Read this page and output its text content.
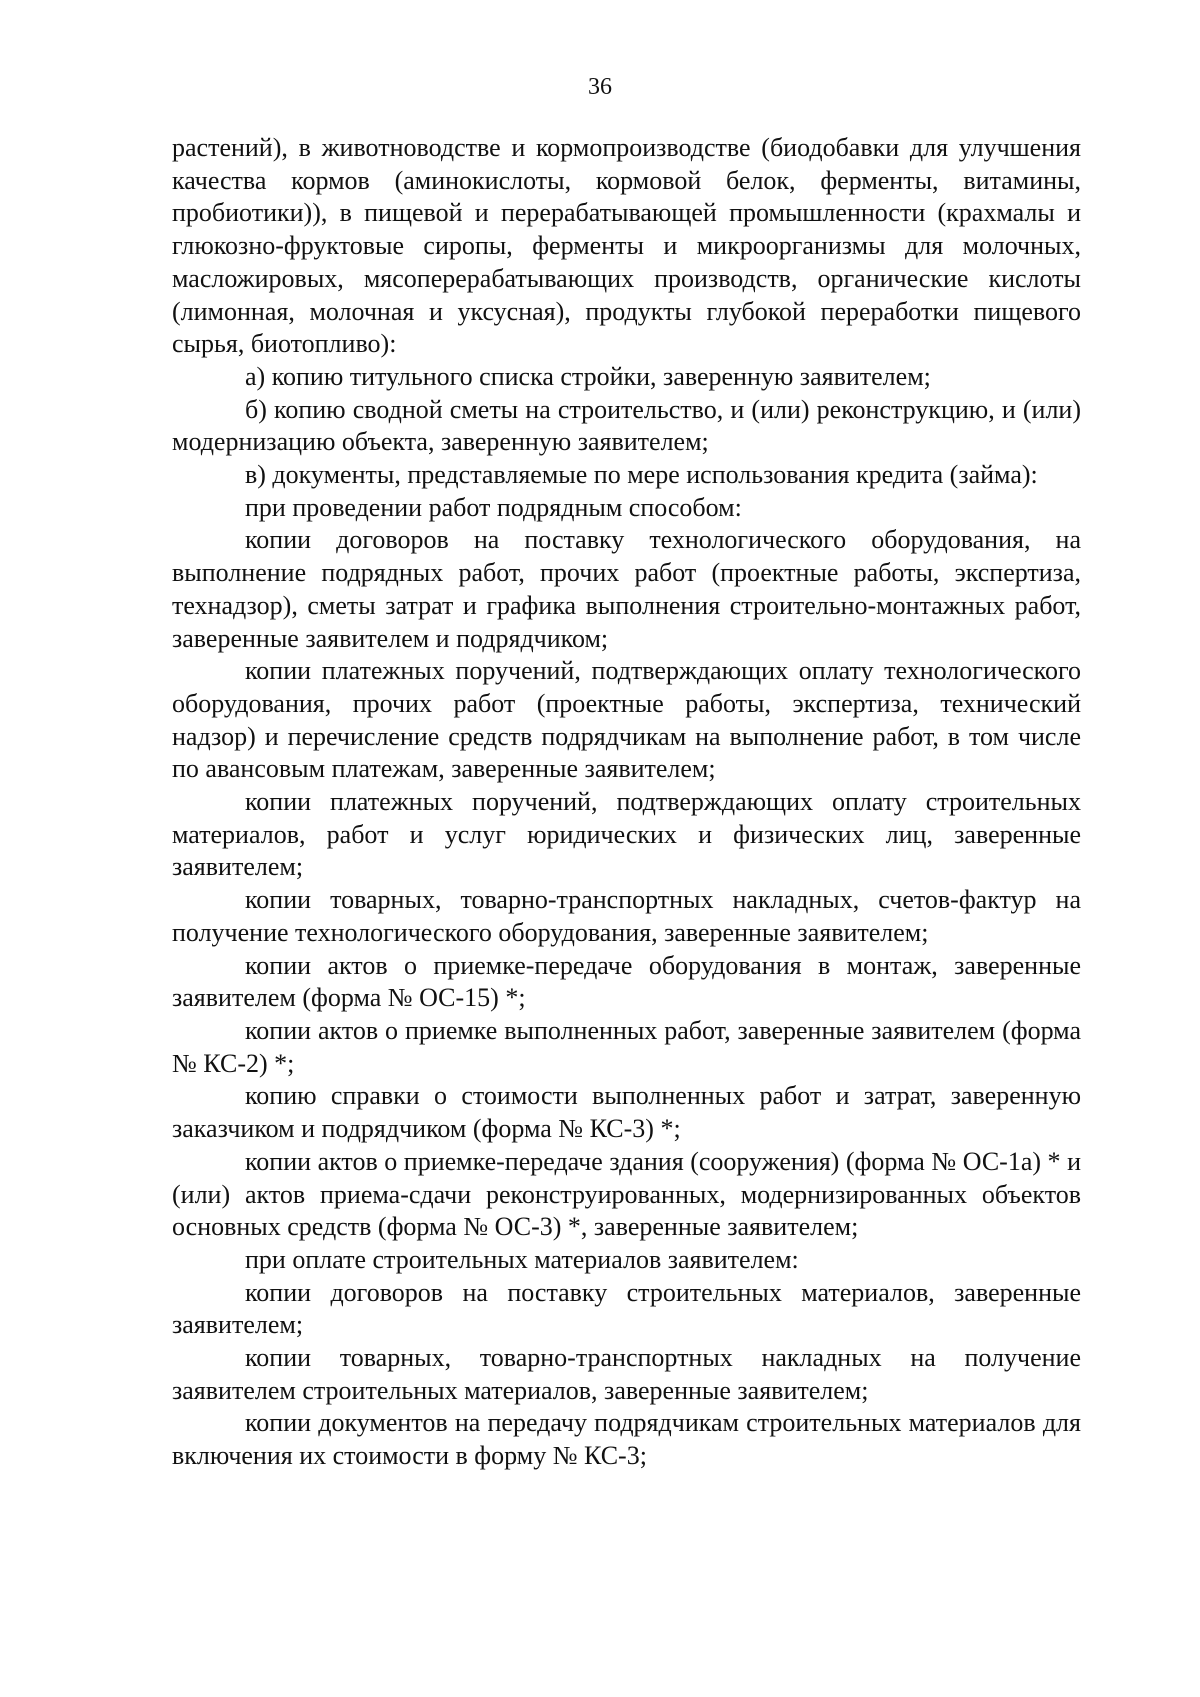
36

растений), в животноводстве и кормопроизводстве (биодобавки для улучшения качества кормов (аминокислоты, кормовой белок, ферменты, витамины, пробиотики)), в пищевой и перерабатывающей промышленности (крахмалы и глюкозно-фруктовые сиропы, ферменты и микроорганизмы для молочных, масложировых, мясоперерабатывающих производств, органические кислоты (лимонная, молочная и уксусная), продукты глубокой переработки пищевого сырья, биотопливо):

а) копию титульного списка стройки, заверенную заявителем;

б) копию сводной сметы на строительство, и (или) реконструкцию, и (или) модернизацию объекта, заверенную заявителем;

в) документы, представляемые по мере использования кредита (займа):

при проведении работ подрядным способом:

копии договоров на поставку технологического оборудования, на выполнение подрядных работ, прочих работ (проектные работы, экспертиза, технадзор), сметы затрат и графика выполнения строительно-монтажных работ, заверенные заявителем и подрядчиком;

копии платежных поручений, подтверждающих оплату технологического оборудования, прочих работ (проектные работы, экспертиза, технический надзор) и перечисление средств подрядчикам на выполнение работ, в том числе по авансовым платежам, заверенные заявителем;

копии платежных поручений, подтверждающих оплату строительных материалов, работ и услуг юридических и физических лиц, заверенные заявителем;

копии товарных, товарно-транспортных накладных, счетов-фактур на получение технологического оборудования, заверенные заявителем;

копии актов о приемке-передаче оборудования в монтаж, заверенные заявителем (форма № ОС-15) *;

копии актов о приемке выполненных работ, заверенные заявителем (форма № КС-2) *;

копию справки о стоимости выполненных работ и затрат, заверенную заказчиком и подрядчиком (форма № КС-3) *;

копии актов о приемке-передаче здания (сооружения) (форма № ОС-1а) * и (или) актов приема-сдачи реконструированных, модернизированных объектов основных средств (форма № ОС-3) *, заверенные заявителем;

при оплате строительных материалов заявителем:

копии договоров на поставку строительных материалов, заверенные заявителем;

копии товарных, товарно-транспортных накладных на получение заявителем строительных материалов, заверенные заявителем;

копии документов на передачу подрядчикам строительных материалов для включения их стоимости в форму № КС-3;
